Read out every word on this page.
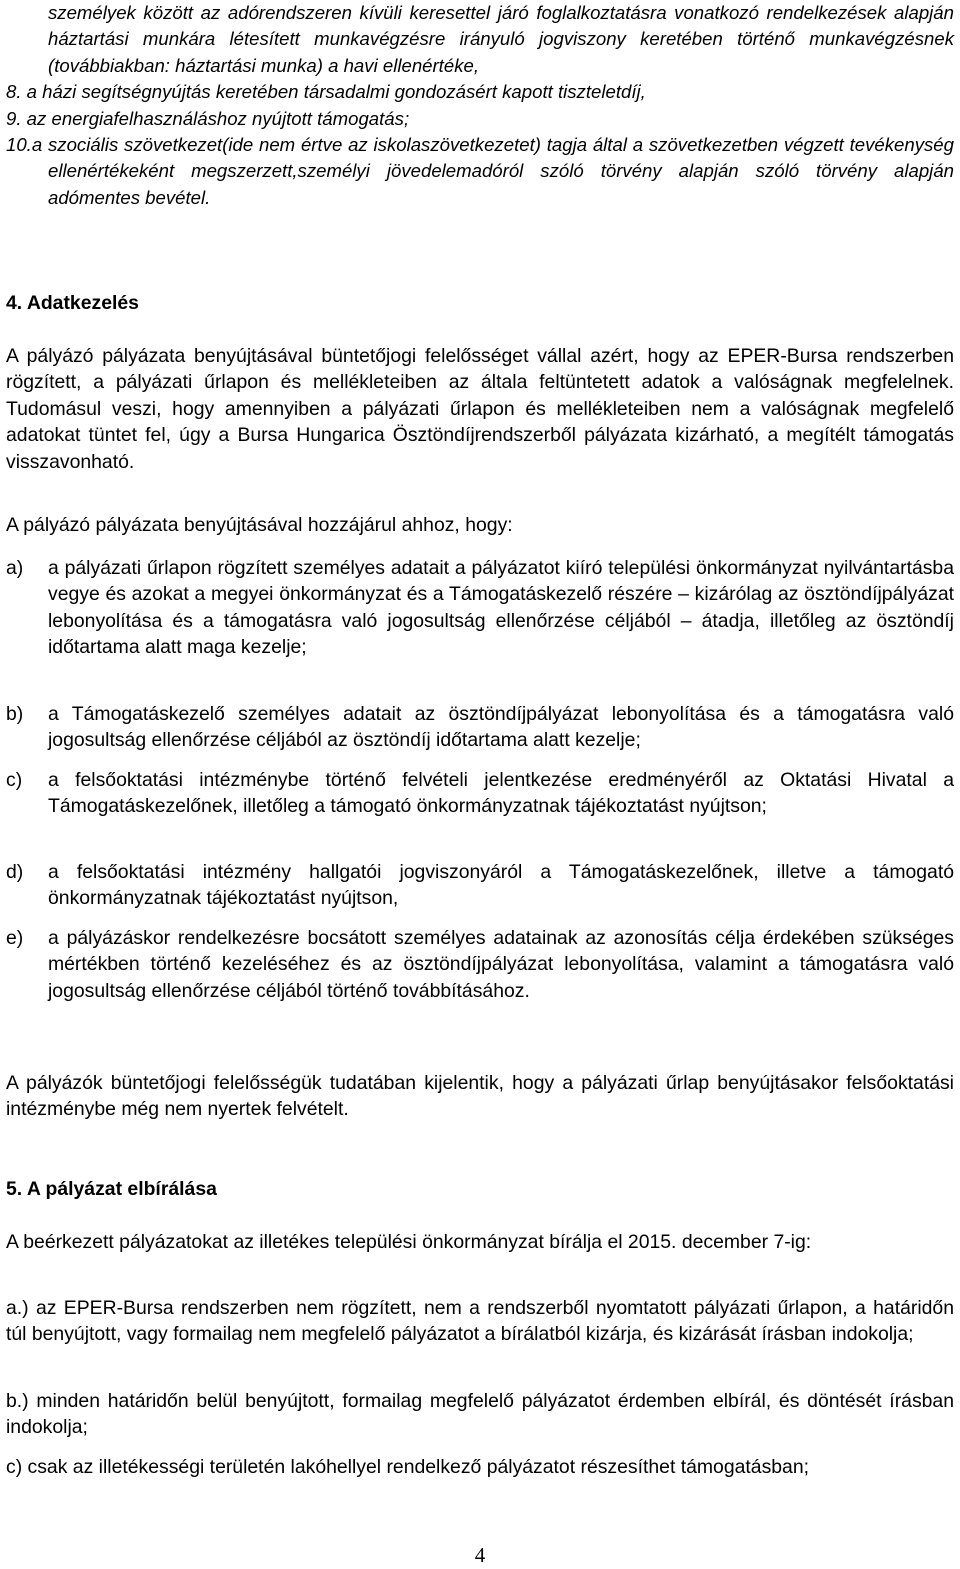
személyek között az adórendszeren kívüli keresettel járó foglalkoztatásra vonatkozó rendelkezések alapján háztartási munkára létesített munkavégzésre irányuló jogviszony keretében történő munkavégzésnek (továbbiakban: háztartási munka) a havi ellenértéke,

8. a házi segítségnyújtás keretében társadalmi gondozásért kapott tiszteletdíj,

9. az energiafelhasználáshoz nyújtott támogatás;

10.a szociális szövetkezet(ide nem értve az iskolaszövetkezetet) tagja által a szövetkezetben végzett tevékenység ellenértékeként megszerzett,személyi jövedelemadóról szóló törvény alapján szóló törvény alapján adómentes bevétel.

4. Adatkezelés

A pályázó pályázata benyújtásával büntetőjogi felelősséget vállal azért, hogy az EPER-Bursa rendszerben rögzített, a pályázati űrlapon és mellékleteiben az általa feltüntetett adatok a valóságnak megfelelnek. Tudomásul veszi, hogy amennyiben a pályázati űrlapon és mellékleteiben nem a valóságnak megfelelő adatokat tüntet fel, úgy a Bursa Hungarica Ösztöndíjrendszerből pályázata kizárható, a megítélt támogatás visszavonható.

A pályázó pályázata benyújtásával hozzájárul ahhoz, hogy:

a) a pályázati űrlapon rögzített személyes adatait a pályázatot kiíró települési önkormányzat nyilvántartásba vegye és azokat a megyei önkormányzat és a Támogatáskezelő részére – kizárólag az ösztöndíjpályázat lebonyolítása és a támogatásra való jogosultság ellenőrzése céljából – átadja, illetőleg az ösztöndíj időtartama alatt maga kezelje;
b) a Támogatáskezelő személyes adatait az ösztöndíjpályázat lebonyolítása és a támogatásra való jogosultság ellenőrzése céljából az ösztöndíj időtartama alatt kezelje;
c) a felsőoktatási intézménybe történő felvételi jelentkezése eredményéről az Oktatási Hivatal a Támogatáskezelőnek, illetőleg a támogató önkormányzatnak tájékoztatást nyújtson;
d) a felsőoktatási intézmény hallgatói jogviszonyáról a Támogatáskezelőnek, illetve a támogató önkormányzatnak tájékoztatást nyújtson,
e) a pályázáskor rendelkezésre bocsátott személyes adatainak az azonosítás célja érdekében szükséges mértékben történő kezeléséhez és az ösztöndíjpályázat lebonyolítása, valamint a támogatásra való jogosultság ellenőrzése céljából történő továbbításához.

A pályázók büntetőjogi felelősségük tudatában kijelentik, hogy a pályázati űrlap benyújtásakor felsőoktatási intézménybe még nem nyertek felvételt.

5. A pályázat elbírálása

A beérkezett pályázatokat az illetékes települési önkormányzat bírálja el 2015. december 7-ig:

a.) az EPER-Bursa rendszerben nem rögzített, nem a rendszerből nyomtatott pályázati űrlapon, a határidőn túl benyújtott, vagy formailag nem megfelelő pályázatot a bírálatból kizárja, és kizárását írásban indokolja;

b.) minden határidőn belül benyújtott, formailag megfelelő pályázatot érdemben elbírál, és döntését írásban indokolja;

c) csak az illetékességi területén lakóhellyel rendelkező pályázatot részesíthet támogatásban;

4
